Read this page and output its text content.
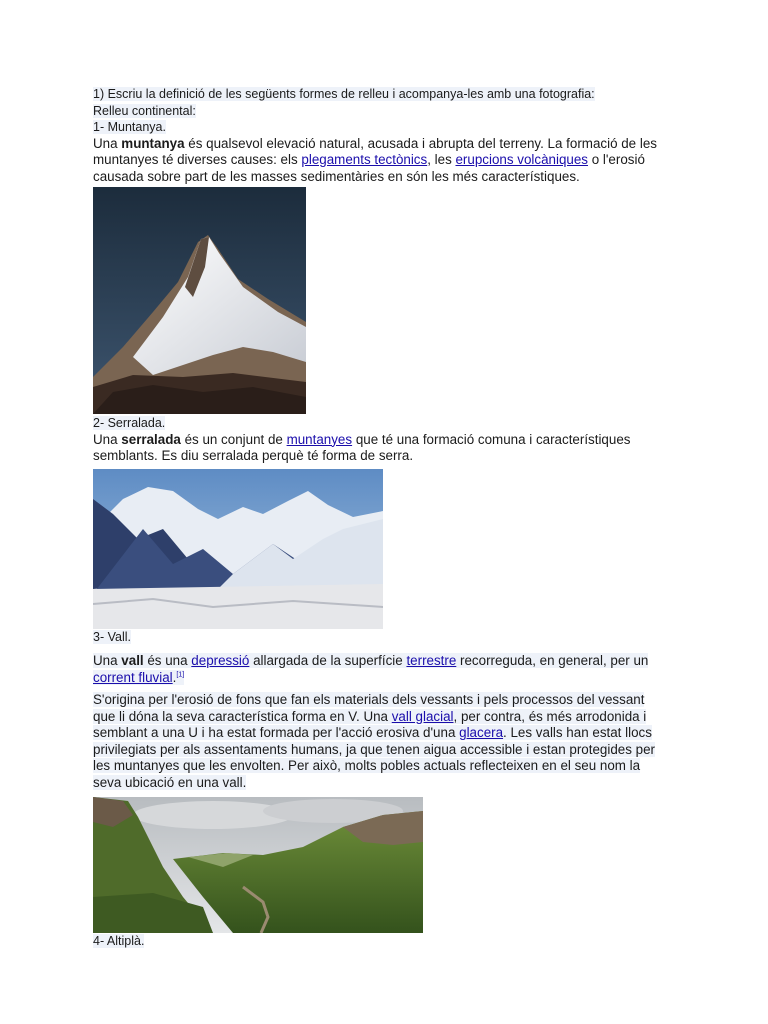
1) Escriu la definició de les següents formes de relleu i acompanya-les amb una fotografia:
Relleu continental:
1- Muntanya.

Una muntanya és qualsevol elevació natural, acusada i abrupta del terreny. La formació de les muntanyes té diverses causes: els plegaments tectònics, les erupcions volcàniques o l'erosió causada sobre part de les masses sedimentàries en són les més característiques.

2- Serralada.

Una serralada és un conjunt de muntanyes que té una formació comuna i característiques semblants. Es diu serralada perquè té forma de serra.

3- Vall.

Una vall és una depressió allargada de la superfície terrestre recorreguda, en general, per un corrent fluvial.[1]

S'origina per l'erosió de fons que fan els materials dels vessants i pels processos del vessant que li dóna la seva característica forma en V. Una vall glacial, per contra, és més arrodonida i semblant a una U i ha estat formada per l'acció erosiva d'una glacera. Les valls han estat llocs privilegiats per als assentaments humans, ja que tenen aigua accessible i estan protegides per les muntanyes que les envolten. Per això, molts pobles actuals reflecteixen en el seu nom la seva ubicació en una vall.

4- Altiplà.
